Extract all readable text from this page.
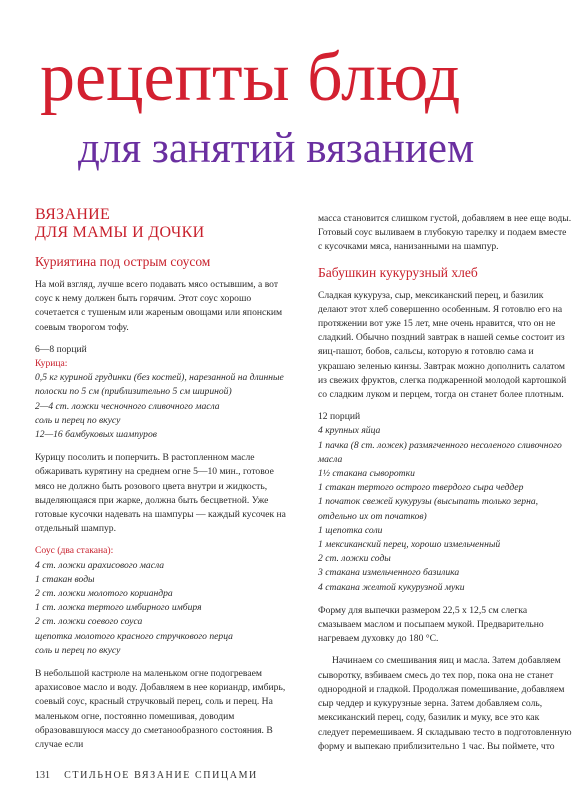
рецепты блюд
для занятий вязанием
ВЯЗАНИЕ
ДЛЯ МАМЫ И ДОЧКИ
Куриятина под острым соусом

На мой взгляд, лучше всего подавать мясо остывшим, а вот соус к нему должен быть горячим. Этот соус хорошо сочетается с тушеным или жареным овощами или японским соевым творогом тофу.

6—8 порций
Курица:
0,5 кг куриной грудинки (без костей), нарезанной на длинные полоски по 5 см (приблизительно 5 см шириной)
2—4 ст. ложки чесночного сливочного масла
соль и перец по вкусу
12—16 бамбуковых шампуров

Курицу посолить и поперчить. В растопленном масле обжаривать курятину на среднем огне 5—10 мин., готовое мясо не должно быть розового цвета внутри и жидкость, выделяющаяся при жарке, должна быть бесцветной. Уже готовые кусочки надевать на шампуры — каждый кусочек на отдельный шампур.

Соус (два стакана):
4 ст. ложки арахисового масла
1 стакан воды
2 ст. ложки молотого кориандра
1 ст. ложка тертого имбирного имбиря
2 ст. ложки соевого соуса
щепотка молотого красного стручкового перца
соль и перец по вкусу

В небольшой кастрюле на маленьком огне подогреваем арахисовое масло и воду. Добавляем в нее кориандр, имбирь, соевый соус, красный стручковый перец, соль и перец. На маленьком огне, постоянно помешивая, доводим образовавшуюся массу до сметанообразного состояния. В случае если

масса становится слишком густой, добавляем в нее еще воды. Готовый соус выливаем в глубокую тарелку и подаем вместе с кусочками мяса, нанизанными на шампур.

Бабушкин кукурузный хлеб

Сладкая кукуруза, сыр, мексиканский перец, и базилик делают этот хлеб совершенно особенным. Я готовлю его на протяжении вот уже 15 лет, мне очень нравится, что он не сладкий. Обычно поздний завтрак в нашей семье состоит из яиц-пашот, бобов, сальсы, которую я готовлю сама и украшаю зеленью кинзы. Завтрак можно дополнить салатом из свежих фруктов, слегка поджаренной молодой картошкой со сладким луком и перцем, тогда он станет более плотным.

12 порций
4 крупных яйца
1 пачка (8 ст. ложек) размягченного несоленого сливочного масла
1½ стакана сыворотки
1 стакан тертого острого твердого сыра чеддер
1 початок свежей кукурузы (высыпать только зерна, отдельно их от початков)
1 щепотка соли
1 мексиканский перец, хорошо измельченный
2 ст. ложки соды
3 стакана измельченного базилика
4 стакана желтой кукурузной муки

Форму для выпечки размером 22,5 х 12,5 см слегка смазываем маслом и посыпаем мукой. Предварительно нагреваем духовку до 180 °С.

Начинаем со смешивания яиц и масла. Затем добавляем сыворотку, взбиваем смесь до тех пор, пока она не станет однородной и гладкой. Продолжая помешивание, добавляем сыр чеддер и кукурузные зерна. Затем добавляем соль, мексиканский перец, соду, базилик и муку, все это как следует перемешиваем. Я складываю тесто в подготовленную форму и выпекаю приблизительно 1 час. Вы поймете, что

131 СТИЛЬНОЕ ВЯЗАНИЕ СПИЦАМИ
